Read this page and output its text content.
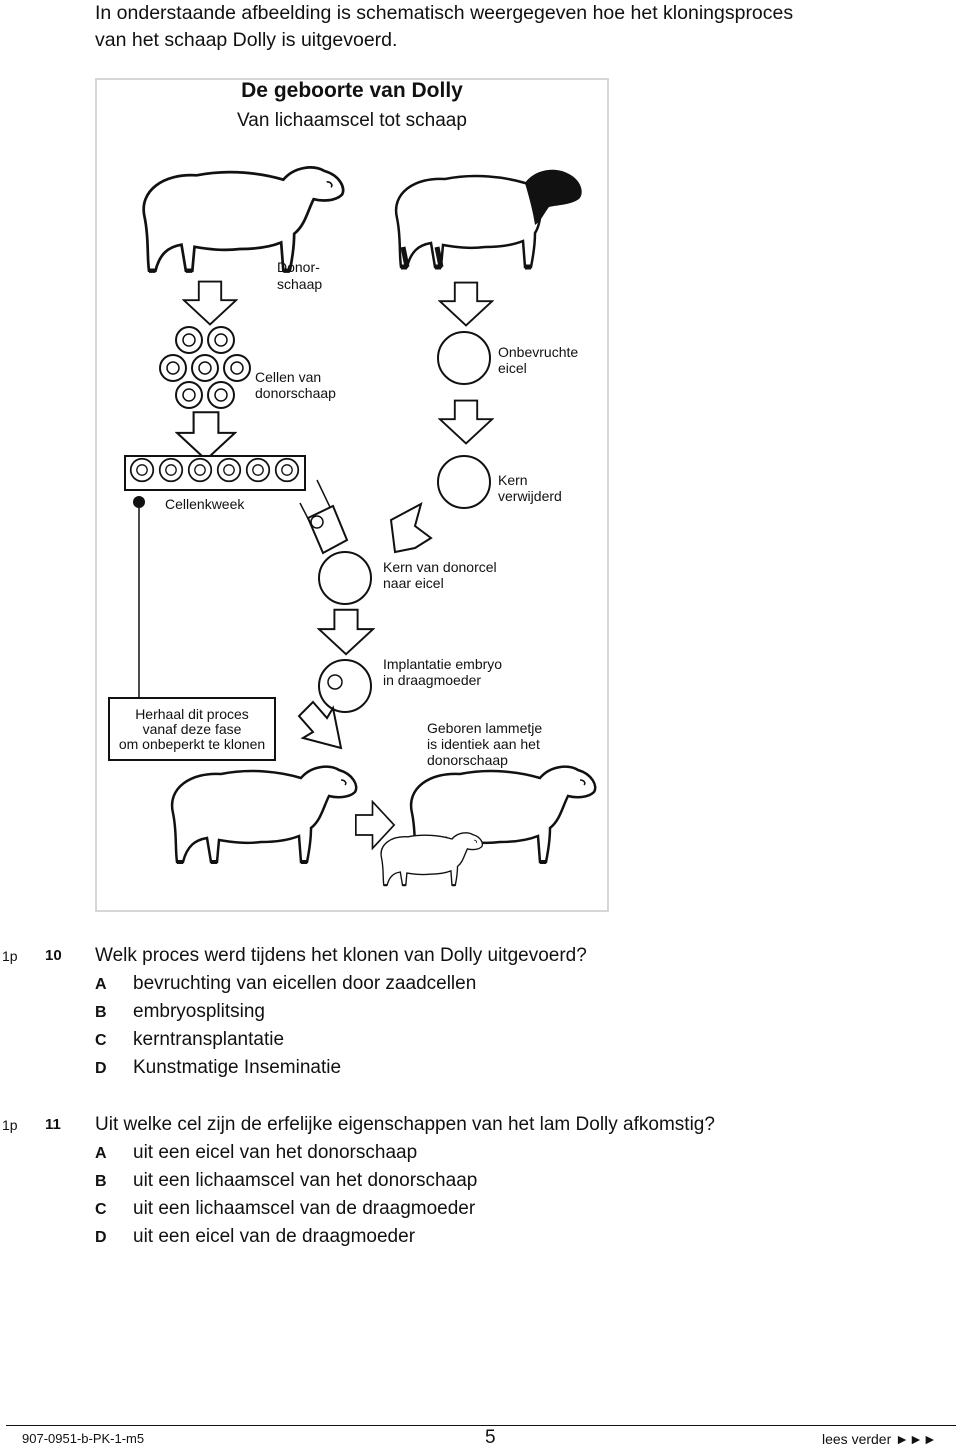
In onderstaande afbeelding is schematisch weergegeven hoe het kloningsproces
van het schaap Dolly is uitgevoerd.
De geboorte van Dolly
Van lichaamscel tot schaap
Donor-
schaap
Cellen van
donorschaap
Cellenkweek
Onbevruchte
eicel
Kern
verwijderd
Kern van donorcel
naar eicel
Implantatie embryo
in draagmoeder
Herhaal dit proces
vanaf deze fase
om onbeperkt te klonen
Geboren lammetje
is identiek aan het
donorschaap
1p 10 Welk proces werd tijdens het klonen van Dolly uitgevoerd?
A bevruchting van eicellen door zaadcellen
B embryosplitsing
C kerntransplantatie
D Kunstmatige Inseminatie
1p 11 Uit welke cel zijn de erfelijke eigenschappen van het lam Dolly afkomstig?
A uit een eicel van het donorschaap
B uit een lichaamscel van het donorschaap
C uit een lichaamscel van de draagmoeder
D uit een eicel van de draagmoeder
907-0951-b-PK-1-m5	5	lees verder ►►►
